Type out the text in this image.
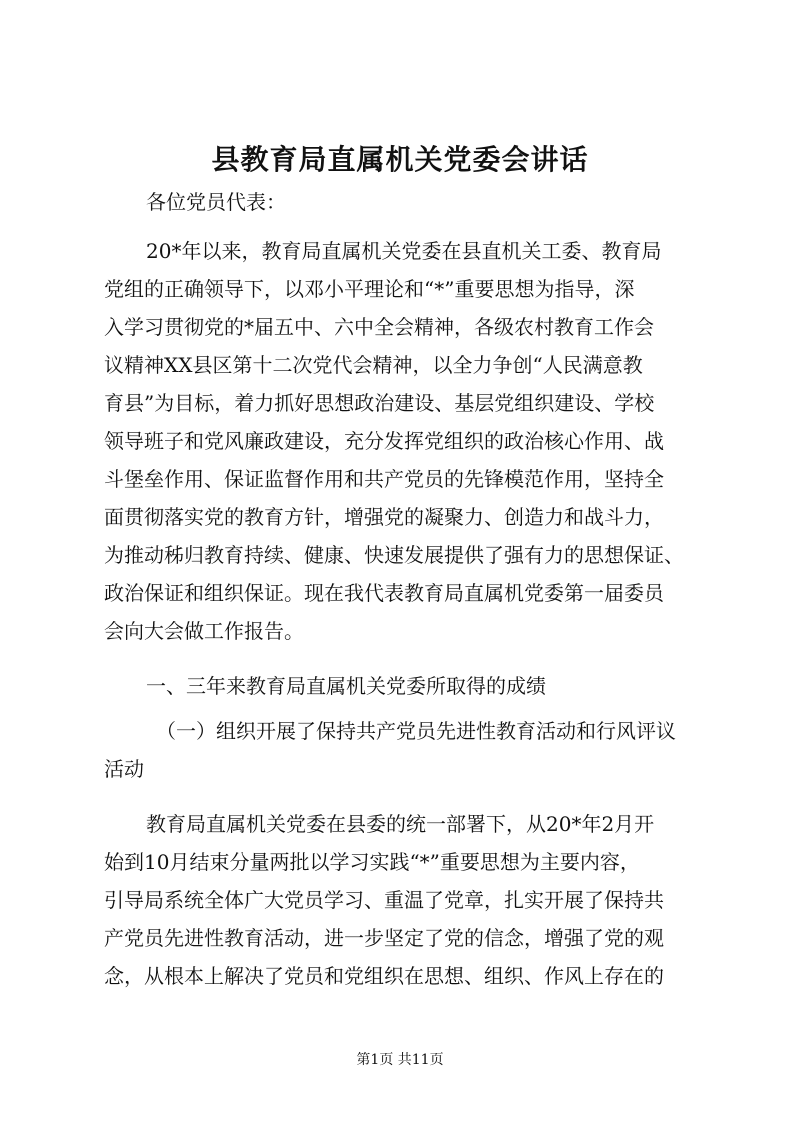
县教育局直属机关党委会讲话
各位党员代表：
20*年以来，教育局直属机关党委在县直机关工委、教育局
党组的正确领导下，以邓小平理论和“*”重要思想为指导，深
入学习贯彻党的*届五中、六中全会精神，各级农村教育工作会
议精神XX县区第十二次党代会精神，以全力争创“人民满意教
育县”为目标，着力抓好思想政治建设、基层党组织建设、学校
领导班子和党风廉政建设，充分发挥党组织的政治核心作用、战
斗堡垒作用、保证监督作用和共产党员的先锋模范作用，坚持全
面贯彻落实党的教育方针，增强党的凝聚力、创造力和战斗力，
为推动秭归教育持续、健康、快速发展提供了强有力的思想保证、
政治保证和组织保证。现在我代表教育局直属机党委第一届委员
会向大会做工作报告。
一、三年来教育局直属机关党委所取得的成绩
（一）组织开展了保持共产党员先进性教育活动和行风评议
活动
教育局直属机关党委在县委的统一部署下，从20*年2月开
始到10月结束分量两批以学习实践“*”重要思想为主要内容，
引导局系统全体广大党员学习、重温了党章，扎实开展了保持共
产党员先进性教育活动，进一步坚定了党的信念，增强了党的观
念，从根本上解决了党员和党组织在思想、组织、作风上存在的
第1页 共11页
